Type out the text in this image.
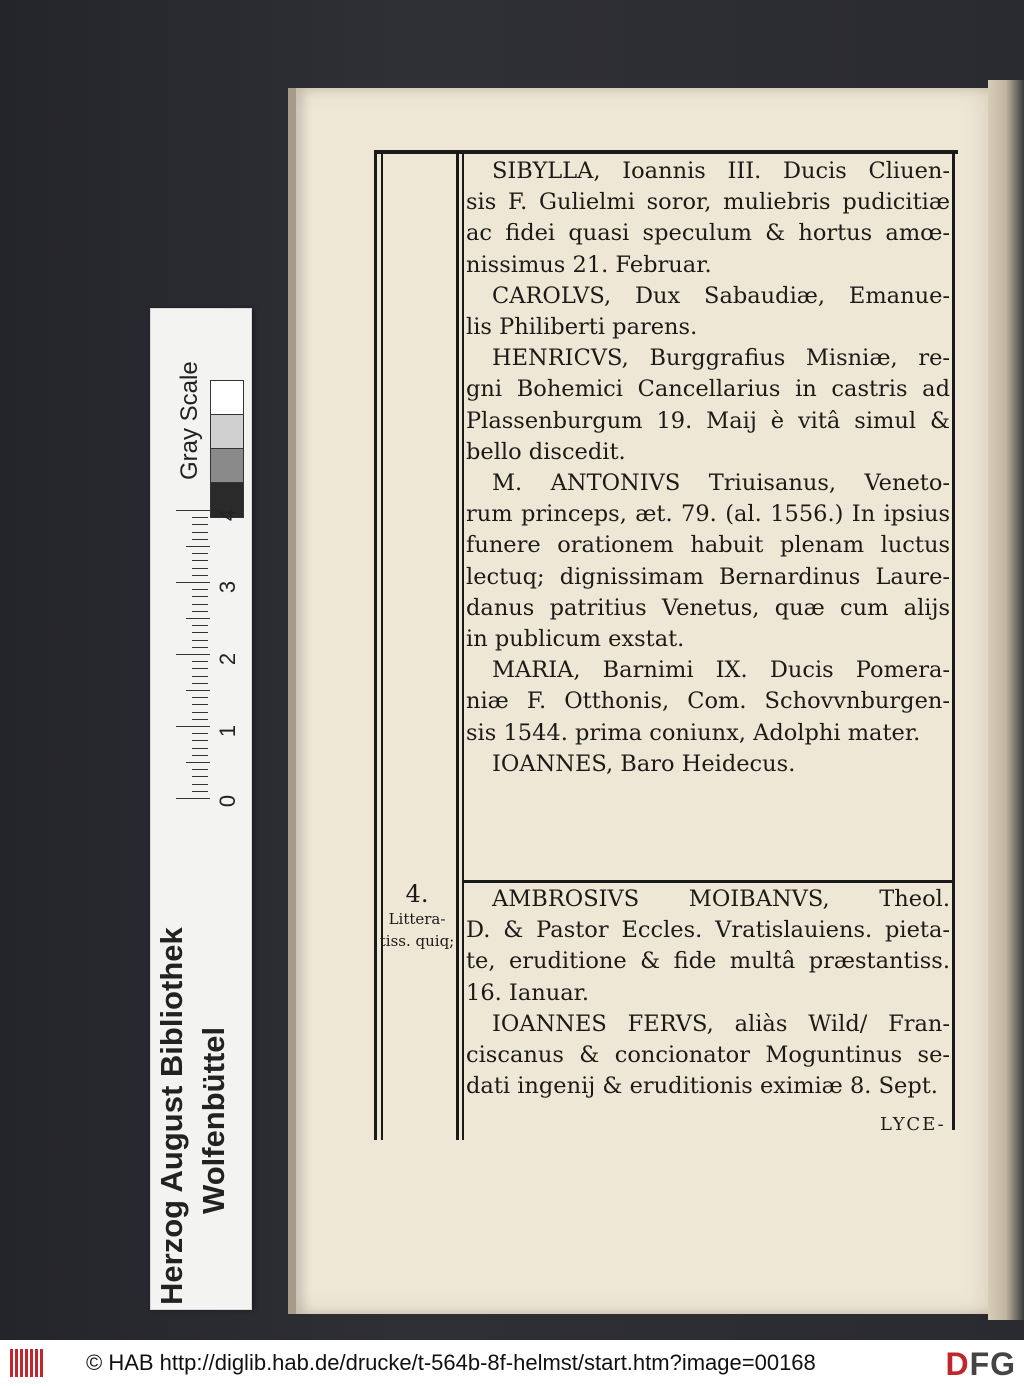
Herzog August Bibliothek Wolfenbüttel
Gray Scale
0
1
2
3
4
SIBYLLA, Ioannis III. Ducis Cliuen-
sis F. Gulielmi soror, muliebris pudicitiæ
ac fidei quasi speculum & hortus amœ-
nissimus 21. Februar.
CAROLVS, Dux Sabaudiæ, Emanue-
lis Philiberti parens.
HENRICVS, Burggrafius Misniæ, re-
gni Bohemici Cancellarius in castris ad
Plassenburgum 19. Maij è vitâ simul &
bello discedit.
M. ANTONIVS Triuisanus, Veneto-
rum princeps, æt. 79. (al. 1556.) In ipsius
funere orationem habuit plenam luctus
lectuq; dignissimam Bernardinus Laure-
danus patritius Venetus, quæ cum alijs
in publicum exstat.
MARIA, Barnimi IX. Ducis Pomera-
niæ F. Otthonis, Com. Schovvnburgen-
sis 1544. prima coniunx, Adolphi mater.
IOANNES, Baro Heidecus.
4.
Littera-
tiss. quiq;
AMBROSIVS MOIBANVS, Theol.
D. & Pastor Eccles. Vratislauiens. pieta-
te, eruditione & fide multâ præstantiss.
16. Ianuar.
IOANNES FERVS, aliàs Wild/ Fran-
ciscanus & concionator Moguntinus se-
dati ingenij & eruditionis eximiæ 8. Sept.
LYCE-
© HAB http://diglib.hab.de/drucke/t-564b-8f-helmst/start.htm?image=00168	DFG
